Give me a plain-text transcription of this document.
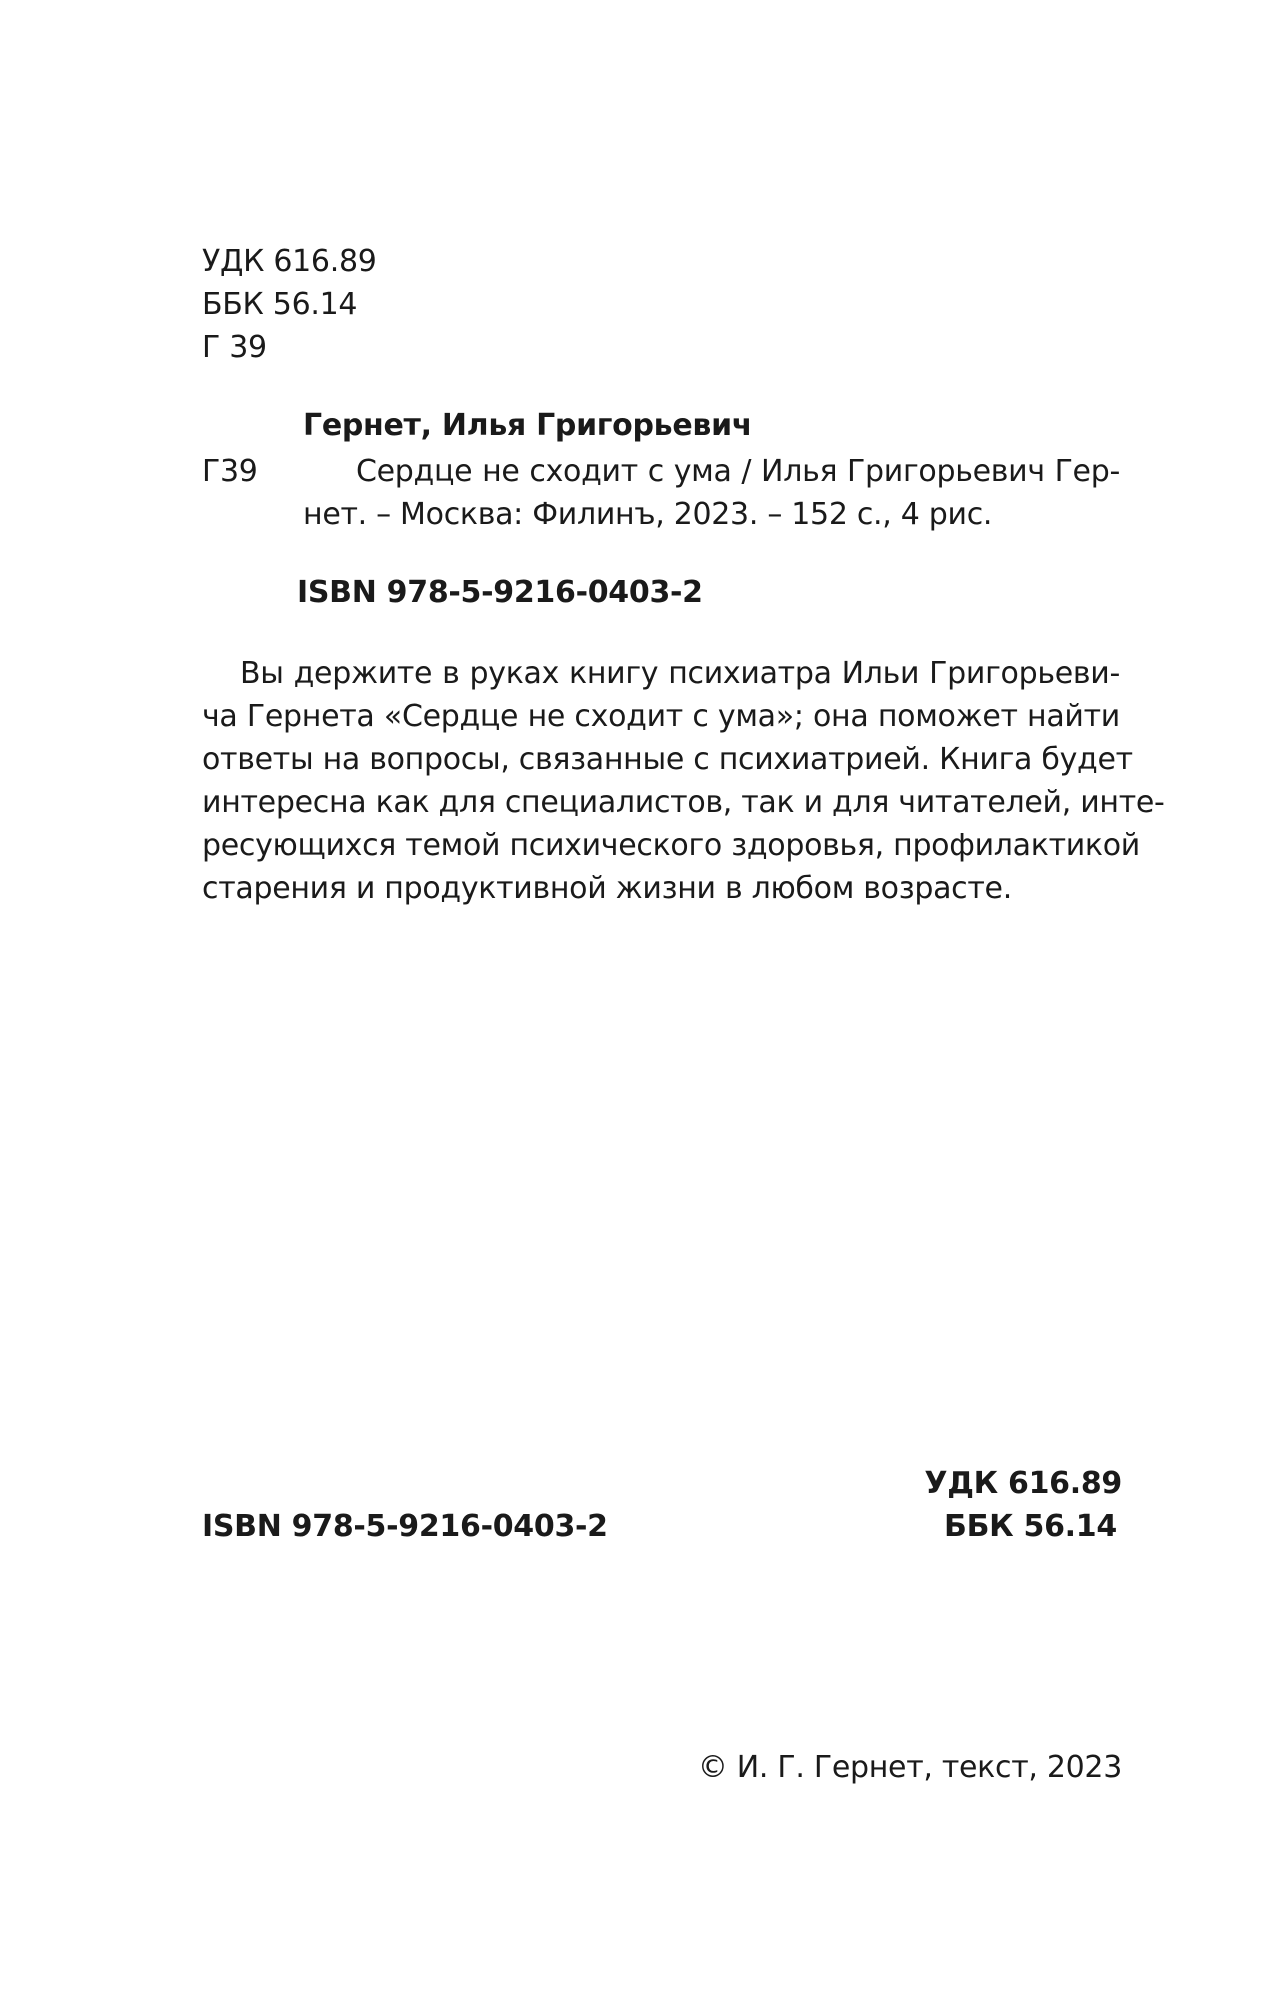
УДК 616.89

ББК 56.14

Г 39

Гернет, Илья Григорьевич

Г39	Сердце не сходит с ума / Илья Григорьевич Гер-

нет. – Москва: Филинъ, 2023. – 152 с., 4 рис.

ISBN 978-5-9216-0403-2

Вы держите в руках книгу психиатра Ильи Григорьеви-

ча Гернета «Сердце не сходит с ума»; она поможет найти

ответы на вопросы, связанные с психиатрией. Книга будет

интересна как для специалистов, так и для читателей, инте-

ресующихся темой психического здоровья, профилактикой

старения и продуктивной жизни в любом возрасте.

УДК 616.89

ISBN 978-5-9216-0403-2	ББК 56.14

© И. Г. Гернет, текст, 2023
